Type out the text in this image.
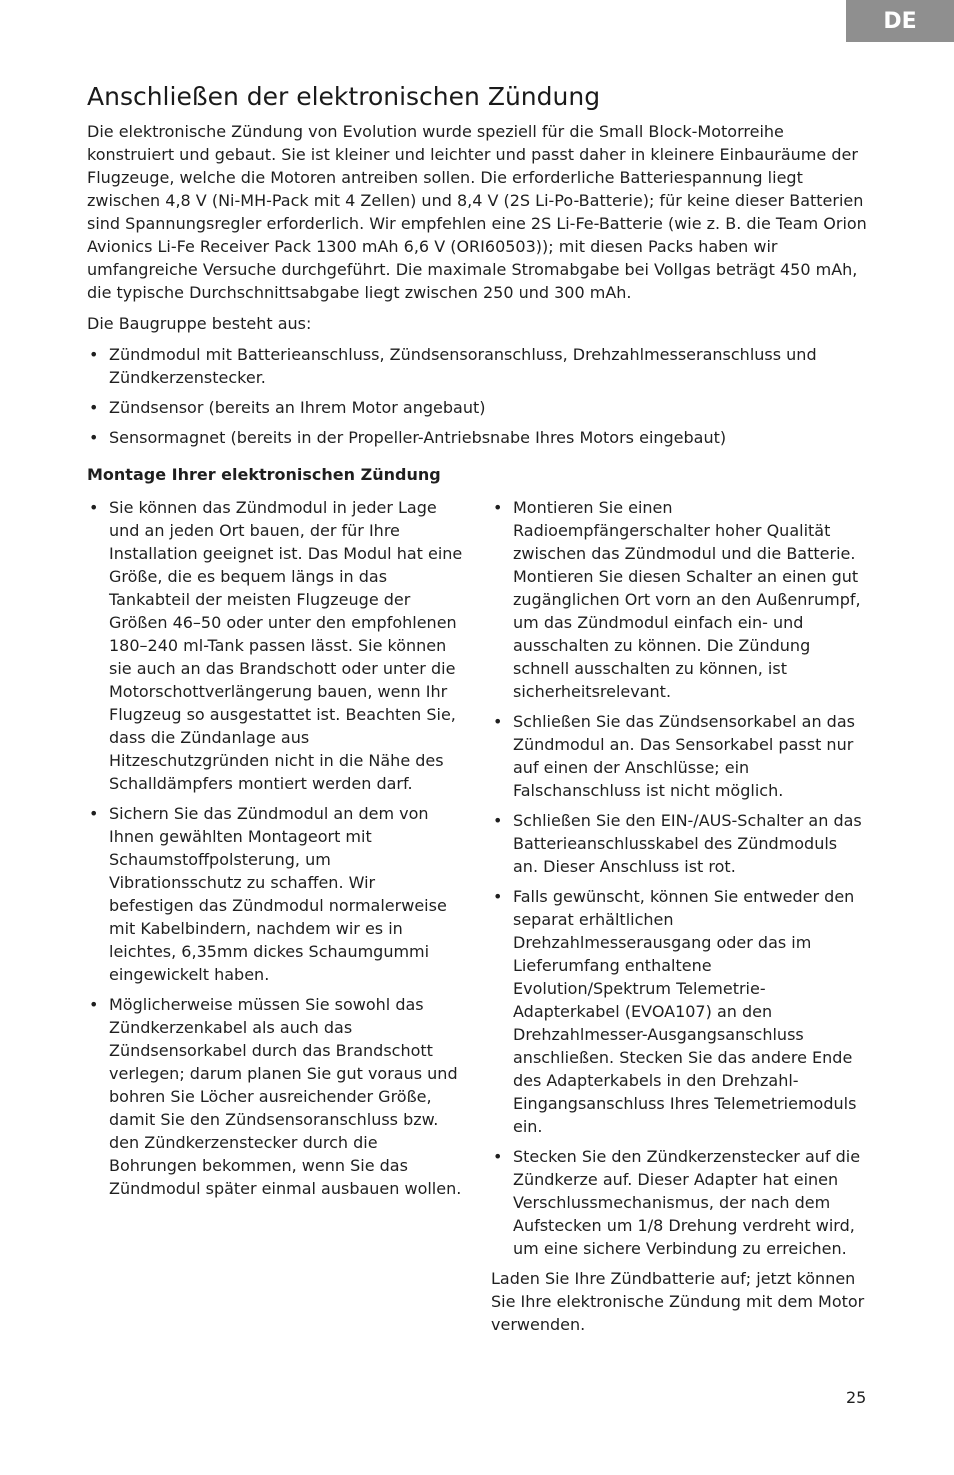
DE
Anschließen der elektronischen Zündung

Die elektronische Zündung von Evolution wurde speziell für die Small Block-Motorreihe konstruiert und gebaut. Sie ist kleiner und leichter und passt daher in kleinere Einbauräume der Flugzeuge, welche die Motoren antreiben sollen. Die erforderliche Batteriespannung liegt zwischen 4,8 V (Ni-MH-Pack mit 4 Zellen) und 8,4 V (2S Li-Po-Batterie); für keine dieser Batterien sind Spannungsregler erforderlich. Wir empfehlen eine 2S Li-Fe-Batterie (wie z. B. die Team Orion Avionics Li-Fe Receiver Pack 1300 mAh 6,6 V (ORI60503)); mit diesen Packs haben wir umfangreiche Versuche durchgeführt. Die maximale Stromabgabe bei Vollgas beträgt 450 mAh, die typische Durchschnittsabgabe liegt zwischen 250 und 300 mAh.

Die Baugruppe besteht aus:

• Zündmodul mit Batterieanschluss, Zündsensoranschluss, Drehzahlmesseranschluss und Zündkerzenstecker.
• Zündsensor (bereits an Ihrem Motor angebaut)
• Sensormagnet (bereits in der Propeller-Antriebsnabe Ihres Motors eingebaut)
Montage Ihrer elektronischen Zündung
• Sie können das Zündmodul in jeder Lage und an jeden Ort bauen, der für Ihre Installation geeignet ist. Das Modul hat eine Größe, die es bequem längs in das Tankabteil der meisten Flugzeuge der Größen 46–50 oder unter den empfohlenen 180–240 ml-Tank passen lässt. Sie können sie auch an das Brandschott oder unter die Motorschottverlängerung bauen, wenn Ihr Flugzeug so ausgestattet ist. Beachten Sie, dass die Zündanlage aus Hitzeschutzgründen nicht in die Nähe des Schalldämpfers montiert werden darf.
• Sichern Sie das Zündmodul an dem von Ihnen gewählten Montageort mit Schaumstoffpolsterung, um Vibrationsschutz zu schaffen. Wir befestigen das Zündmodul normalerweise mit Kabelbindern, nachdem wir es in leichtes, 6,35mm dickes Schaumgummi eingewickelt haben.
• Möglicherweise müssen Sie sowohl das Zündkerzenkabel als auch das Zündsensorkabel durch das Brandschott verlegen; darum planen Sie gut voraus und bohren Sie Löcher ausreichender Größe, damit Sie den Zündsensoranschluss bzw. den Zündkerzenstecker durch die Bohrungen bekommen, wenn Sie das Zündmodul später einmal ausbauen wollen.
• Montieren Sie einen Radioempfängerschalter hoher Qualität zwischen das Zündmodul und die Batterie. Montieren Sie diesen Schalter an einen gut zugänglichen Ort vorn an den Außenrumpf, um das Zündmodul einfach ein- und ausschalten zu können. Die Zündung schnell ausschalten zu können, ist sicherheitsrelevant.
• Schließen Sie das Zündsensorkabel an das Zündmodul an. Das Sensorkabel passt nur auf einen der Anschlüsse; ein Falschanschluss ist nicht möglich.
• Schließen Sie den EIN-/AUS-Schalter an das Batterieanschlusskabel des Zündmoduls an. Dieser Anschluss ist rot.
• Falls gewünscht, können Sie entweder den separat erhältlichen Drehzahlmesserausgang oder das im Lieferumfang enthaltene Evolution/Spektrum Telemetrie-Adapterkabel (EVOA107) an den Drehzahlmesser-Ausgangsanschluss anschließen. Stecken Sie das andere Ende des Adapterkabels in den Drehzahl-Eingangsanschluss Ihres Telemetriemoduls ein.
• Stecken Sie den Zündkerzenstecker auf die Zündkerze auf. Dieser Adapter hat einen Verschlussmechanismus, der nach dem Aufstecken um 1/8 Drehung verdreht wird, um eine sichere Verbindung zu erreichen.

Laden Sie Ihre Zündbatterie auf; jetzt können Sie Ihre elektronische Zündung mit dem Motor verwenden.

25
